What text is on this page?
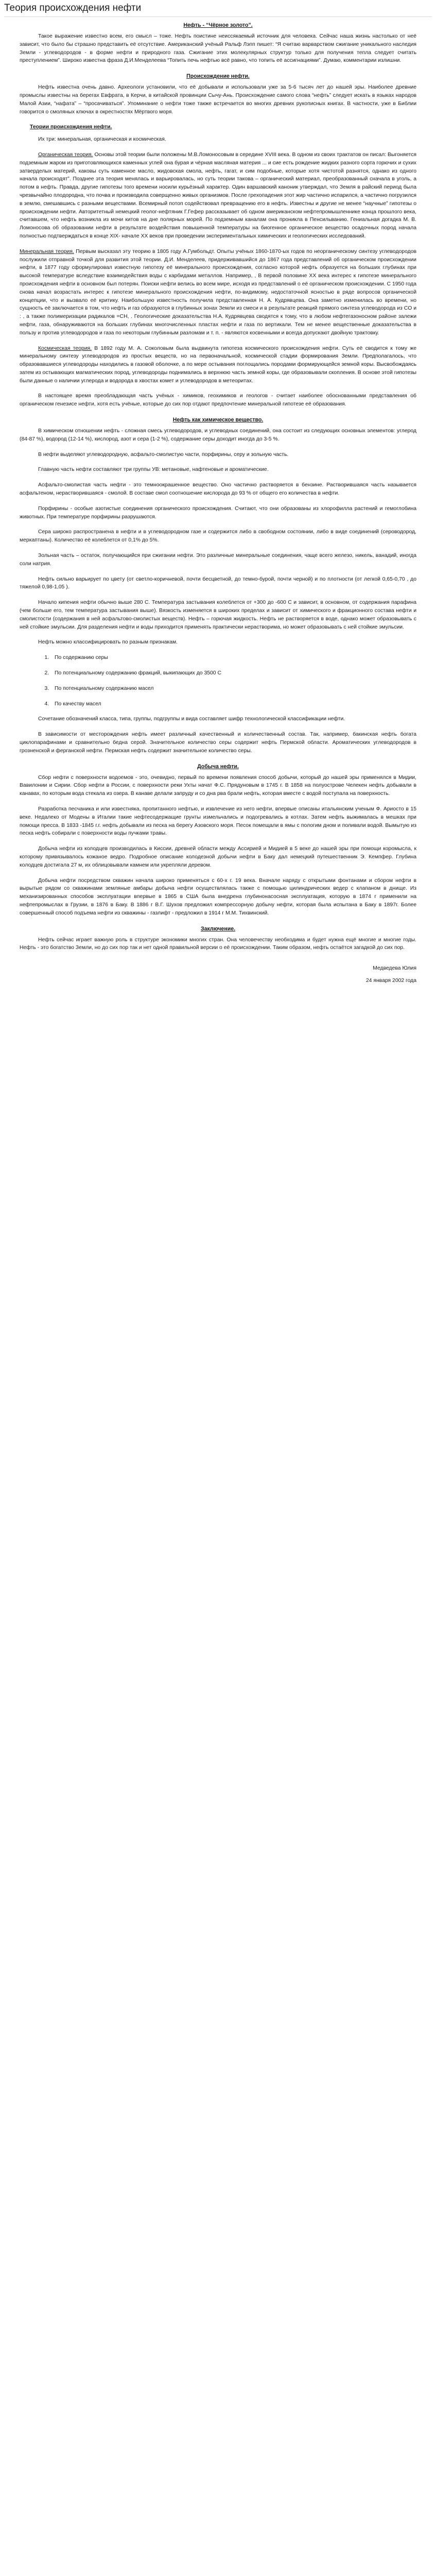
Теория происхождения нефти
Нефть - “Чёрное золото”.

Такое выражение известно всем, его смысл – тоже. Нефть поистине неиссякаемый источник для человека. Сейчас наша жизнь настолько от неё зависит, что было бы страшно представить её отсутствие. Американский учёный Ральф Лэпп пишет: “Я считаю варварством сжигание уникального наследия Земли - углеводородов - в форме нефти и природного газа. Сжигание этих молекулярных структур только для получения тепла следует считать преступлением”. Широко известна фраза Д.И.Менделеева “Топить печь нефтью всё равно, что топить её ассигнациями”. Думаю, комментарии излишни.

Происхождение нефти.

Нефть известна очень давно. Археологи установили, что её добывали и использовали уже за 5-6 тысяч лет до нашей эры. Наиболее древние промыслы известны на берегах Евфрата, в Керчи, в китайской провинции Сычу-Ань. Происхождение самого слова “нефть” следует искать в языках народов Малой Азии, “нафата” – “просачиваться”. Упоминание о нефти тоже также встречается во многих древних рукописных книгах. В частности, уже в Библии говорится о смоляных ключах в окрестностях Мёртвого моря.

Теории происхождения нефти.

Их три: минеральная, органическая и космическая.

Органическая теория. Основы этой теории были положены М.В.Ломоносовым в середине XVIII века. В одном из своих трактатов он писал: Выгоняется подземным жаром из приготовляющихся каменных углей она бурая и чёрная масляная материя ... и сие есть рождение жидких разного сорта горючих и сухих затверделых материй, каковы суть каменное масло, жидовская смола, нефть, гагат, и сим подобные, которые хотя чистотой разнятся, однако из одного начала происходят”. Позднее эта теория менялась и варьировалась, но суть теории такова – органический материал, преобразованный сначала в уголь, а потом в нефть. Правда, другие гипотезы того времени носили курьёзный характер. Один варшавский каноник утверждал, что Земля в райский период была чрезвычайно плодородна, что почва и производила соверщенно живых организмов. После грехопадения этот жир частично испарился, а частично погрузился в землю, смешавшись с разными веществами. Всемирный потоп содействовал превращению его в нефть. Известны и другие не менее “научные” гипотезы о происхождении нефти. Авторитетный немецкий геолог-нефтяник Г.Гефер рассказывает об одном американском нефтепромышленнике конца прошлого века, считавшем, что нефть возникла из мочи китов на дне полярных морей. По подземным каналам она проникла в Пенсильванию. Гениальная догадка М. В. Ломоносова об образовании нефти в результате воздействия повышенной температуры на биогенное органическое вещество осадочных пород начала полностью подтверждаться в конце XIX- начале XX веков при проведении экспериментальных химических и геологических исследований.

Минеральная теория. Первым высказал эту теорию в 1805 году А.Гумбольдт. Опыты учёных 1860-1870-ых годов по неорганическому синтезу углеводородов послужили отправной точкой для развития этой теории. Д.И. Менделеев, придерживавшийся до 1867 года представлений об органическом происхождении нефти, в 1877 году сформулировал известную гипотезу её минерального происхождения, согласно которой нефть образуется на больших глубинах при высокой температуре вследствие взаимодействия воды с карбидами металлов. Например, , В первой половине XX века интерес к гипотезе минерального происхождения нефти в основном был потерян. Поиски нефти велись во всем мире, исходя из представлений о её органическом происхождении. С 1950 года снова начал возрастать интерес к гипотезе минерального происхождения нефти, по-видимому, недостаточной ясностью в ряде вопросов органической концепции, что и вызвало её критику. Наибольшую известность получила представленная Н. А. Кудрявцева. Она заметно изменилась во времени, но сущность её заключается в том, что нефть и газ образуются в глубинных зонах Земли из смеси и в результате реакций прямого синтеза углеводорода из CO и : , а также полимеризации радикалов =CH, . Геологические доказательства Н.А. Кудрявцева сводятся к тому, что в любом нефтегазоносном районе залежи нефти, газа, обнаруживаются на больших глубинах многочисленных пластах нефти и газа по вертикали. Тем не менее вещественные доказательства в пользу и против углеводородов и газа по некоторым глубинным разломам и т. п. - являются косвенными и всегда допускают двойную трактовку.

Космическая теория. В 1892 году М. А. Соколовым была выдвинута гипотеза космического происхождения нефти. Суть её сводится к тому же минеральному синтезу углеводородов из простых веществ, но на первоначальной, космической стадии формирования Земли. Предполагалось, что образовавшиеся углеводороды находились в газовой оболочке, а по мере остывания поглощались породами формирующейся земной коры. Высвобождаясь затем из остывающих магматических пород, углеводороды поднимались в верхнюю часть земной коры, где образовывали скопления. В основе этой гипотезы были данные о наличии углерода и водорода в хвостах комет и углеводородов в метеоритах.

В настоящее время преобладающая часть учёных - химиков, геохимиков и геологов - считает наиболее обоснованными представления об органическом генезисе нефти, хотя есть учёные, которые до сих пор отдают предпочтение минеральной гипотезе её образования.

Нефть как химическое вещество.

В химическом отношении нефть - сложная смесь углеводородов, и углеводных соединений, она состоит из следующих основных элементов: углерод (84-87 %), водород (12-14 %), кислород, азот и сера (1-2 %), содержание серы доходит иногда до 3-5 %.

В нефти выделяют углеводородную, асфальто-смолистую части, порфирины, серу и зольную часть.

Главную часть нефти составляют три группы УВ: метановые, нафтеновые и ароматические.

Асфальто-смолистая часть нефти - это темноокрашенное вещество. Оно частично растворяется в бензине. Растворившаяся часть называется асфальтеном, нерастворившаяся - смолой. В составе смол соотношение кислорода до 93 % от общего его количества в нефти.

Порфирины - особые азотистые соединения органического происхождения. Считают, что они образованы из хлорофилла растений и гемоглобина животных. При температуре порфирины разрушаются.

Сера широко распространена в нефти и в углеводородном газе и содержится либо в свободном состоянии, либо в виде соединений (сероводород, меркаптаны). Количество её колеблется от 0,1% до 5%.

Зольная часть – остаток, получающийся при сжигании нефти. Это различные минеральные соединения, чаще всего железо, никель, ванадий, иногда соли натрия.

Нефть сильно варьирует по цвету (от светло-коричневой, почти бесцветной, до темно-бурой, почти черной) и по плотности (от легкой 0,65-0,70 , до тяжелой 0,98-1,05 ).

Начало кипения нефти обычно выше 280 С. Температура застывания колеблется от +300 до -600 С и зависит, в основном, от содержания парафина (чем больше его, тем температура застывания выше). Вязкость изменяется в широких пределах и зависит от химического и фракционного состава нефти и смолистости (содержания в ней асфальтово-смолистых веществ). Нефть – горючая жидкость. Нефть не растворяется в воде, однако может образовывать с ней стойкие эмульсии. Для разделения нефти и воды приходится применять практически нерастворима, но может образовывать с ней стойкие эмульсии.

Нефть можно классифицировать по разным признакам.

1. По содержанию серы
2. По потенциальному содержанию фракций, выкипающих до 3500 С
3. По потенциальному содержанию масел
4. По качеству масел

Сочетание обозначений класса, типа, группы, подгруппы и вида составляет шифр технологической классификации нефти.

В зависимости от месторождения нефть имеет различный качественный и количественный состав. Так, например, бакинская нефть богата циклопарафинами и сравнительно бедна серой. Значительное количество серы содержит нефть Пермской области. Ароматических углеводородов в грозненской и ферганской нефти. Пермская нефть содержит значительное количество серы.

Добыча нефти.

Сбор нефти с поверхности водоемов - это, очевидно, первый по времени появления способ добычи, который до нашей эры применялся в Мидии, Вавилонии и Сирии. Сбор нефти в России, с поверхности реки Ухты начат Ф.С. Прядуновым в 1745 г. В 1858 на полуострове Челекен нефть добывали в канавах, по которым вода стекала из озера. В канаве делали запруду и со дна рва брали нефть, которая вместе с водой поступала на поверхность.

Разработка песчаника и или известняка, пропитанного нефтью, и извлечение из него нефти, впервые описаны итальянским ученым Ф. Ариосто в 15 веке. Недалеко от Модены в Италии такие нефтесодержащие грунты измельчались и подогревались в котлах. Затем нефть выжималась в мешках при помощи пресса. В 1833 -1845 г.г. нефть добывали из песка на берегу Азовского моря. Песок помещали в ямы с пологим дном и поливали водой. Вымытую из песка нефть собирали с поверхности воды пучками травы.

Добыча нефти из колодцев производилась в Киссии, древней области между Ассирией и Мидией в 5 веке до нашей эры при помощи коромысла, к которому привязывалось кожаное ведро. Подробное описание колодезной добычи нефти в Баку дал немецкий путешественник Э. Кемпфер. Глубина колодцев достигала 27 м, их облицовывали камнем или укрепляли деревом.

Добыча нефти посредством скважин начала широко применяться с 60-х г. 19 века. Вначале наряду с открытыми фонтанами и сбором нефти в вырытые рядом со скважинами земляные амбары добыча нефти осуществлялась также с помощью цилиндрических ведер с клапаном в днище. Из механизированных способов эксплуатации впервые в 1865 в США была внедрена глубинонасосная эксплуатация, которую в 1874 г применили на нефтепромыслах в Грузии, в 1876 в Баку. В 1886 г В.Г. Шухов предложил компрессорную добычу нефти, которая была испытана в Баку в 1897г. Более совершенный способ подъема нефти из скважины - газлифт - предложил в 1914 г М.М. Тихвинский.

Заключение.

Нефть сейчас играет важную роль в структуре экономики многих стран. Она человечеству необходима и будет нужна ещё многие и многие годы. Нефть - это богатство Земли, но до сих пор так и нет одной правильной версии о её происхождении. Таким образом, нефть остаётся загадкой до сих пор.

Медведева Юлия
24 января 2002 года
